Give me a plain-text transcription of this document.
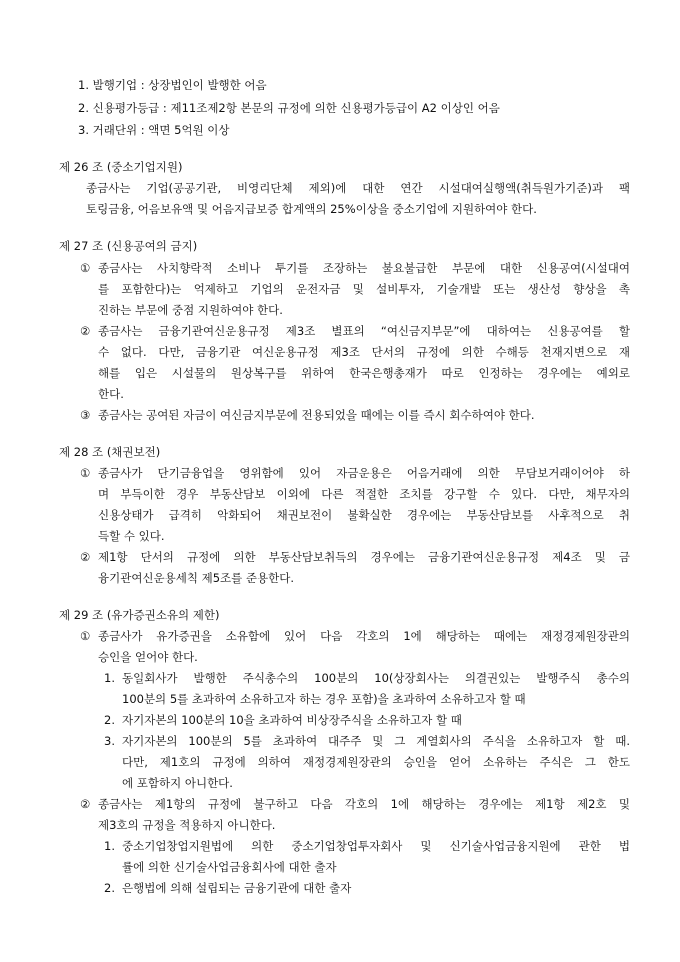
1. 발행기업 : 상장법인이 발행한 어음
2. 신용평가등급 : 제11조제2항 본문의 규정에 의한 신용평가등급이 A2 이상인 어음
3. 거래단위 : 액면 5억원 이상
제 26 조 (중소기업지원)
종금사는 기업(공공기관, 비영리단체 제외)에 대한 연간 시설대여실행액(취득원가기준)과 팩
토링금융, 어음보유액 및 어음지급보증 합계액의 25%이상을 중소기업에 지원하여야 한다.
제 27 조 (신용공여의 금지)
① 종금사는 사치향락적 소비나 투기를 조장하는 불요불급한 부문에 대한 신용공여(시설대여
를 포함한다)는 억제하고 기업의 운전자금 및 설비투자, 기술개발 또는 생산성 향상을 촉
진하는 부문에 중점 지원하여야 한다.
② 종금사는 금융기관여신운용규정 제3조 별표의 “여신금지부문”에 대하여는 신용공여를 할
수 없다. 다만, 금융기관 여신운용규정 제3조 단서의 규정에 의한 수해등 천재지변으로 재
해를 입은 시설물의 원상복구를 위하여 한국은행총재가 따로 인정하는 경우에는 예외로
한다.
③ 종금사는 공여된 자금이 여신금지부문에 전용되었을 때에는 이를 즉시 회수하여야 한다.
제 28 조 (채권보전)
① 종금사가 단기금융업을 영위함에 있어 자금운용은 어음거래에 의한 무담보거래이어야 하
며 부득이한 경우 부동산담보 이외에 다른 적절한 조치를 강구할 수 있다. 다만, 채무자의
신용상태가 급격히 악화되어 채권보전이 불확실한 경우에는 부동산담보를 사후적으로 취
득할 수 있다.
② 제1항 단서의 규정에 의한 부동산담보취득의 경우에는 금융기관여신운용규정 제4조 및 금
융기관여신운용세칙 제5조를 준용한다.
제 29 조 (유가증권소유의 제한)
① 종금사가 유가증권을 소유함에 있어 다음 각호의 1에 해당하는 때에는 재정경제원장관의
승인을 얻어야 한다.
1. 동일회사가 발행한 주식총수의 100분의 10(상장회사는 의결권있는 발행주식 총수의
100분의 5를 초과하여 소유하고자 하는 경우 포함)을 초과하여 소유하고자 할 때
2. 자기자본의 100분의 10을 초과하여 비상장주식을 소유하고자 할 때
3. 자기자본의 100분의 5를 초과하여 대주주 및 그 계열회사의 주식을 소유하고자 할 때.
다만, 제1호의 규정에 의하여 재정경제원장관의 승인을 얻어 소유하는 주식은 그 한도
에 포함하지 아니한다.
② 종금사는 제1항의 규정에 불구하고 다음 각호의 1에 해당하는 경우에는 제1항 제2호 및
제3호의 규정을 적용하지 아니한다.
1. 중소기업창업지원법에 의한 중소기업창업투자회사 및 신기술사업금융지원에 관한 법
률에 의한 신기술사업금융회사에 대한 출자
2. 은행법에 의해 설립되는 금융기관에 대한 출자
